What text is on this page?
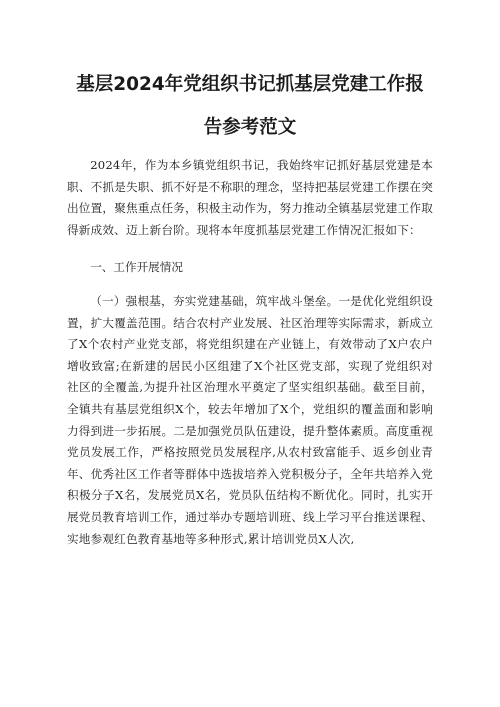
基层2024年党组织书记抓基层党建工作报
告参考范文

2024年，作为本乡镇党组织书记，我始终牢记抓好基层党建是本职、不抓是失职、抓不好是不称职的理念，坚持把基层党建工作摆在突出位置，聚焦重点任务，积极主动作为，努力推动全镇基层党建工作取得新成效、迈上新台阶。现将本年度抓基层党建工作情况汇报如下：

一、工作开展情况

（一）强根基，夯实党建基础，筑牢战斗堡垒。一是优化党组织设置，扩大覆盖范围。结合农村产业发展、社区治理等实际需求，新成立了X个农村产业党支部，将党组织建在产业链上，有效带动了X户农户增收致富;在新建的居民小区组建了X个社区党支部，实现了党组织对社区的全覆盖,为提升社区治理水平奠定了坚实组织基础。截至目前，全镇共有基层党组织X个，较去年增加了X个，党组织的覆盖面和影响力得到进一步拓展。二是加强党员队伍建设，提升整体素质。高度重视党员发展工作，严格按照党员发展程序,从农村致富能手、返乡创业青年、优秀社区工作者等群体中选拔培养入党积极分子，全年共培养入党积极分子X名，发展党员X名，党员队伍结构不断优化。同时，扎实开展党员教育培训工作，通过举办专题培训班、线上学习平台推送课程、实地参观红色教育基地等多种形式,累计培训党员X人次,
